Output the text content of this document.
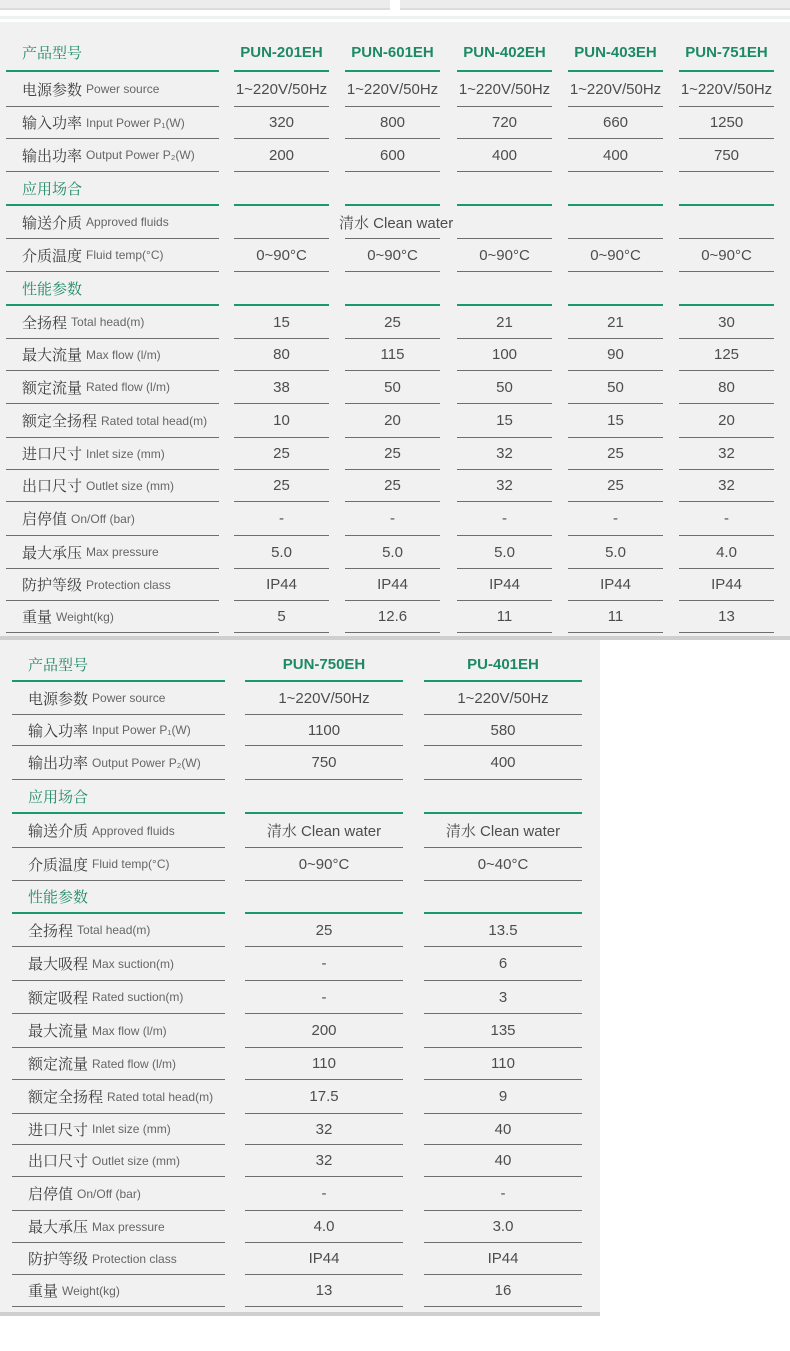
产品型号	PUN-201EH	PUN-601EH	PUN-402EH	PUN-403EH	PUN-751EH
电源参数 Power source	1~220V/50Hz 1~220V/50Hz 1~220V/50Hz 1~220V/50Hz 1~220V/50Hz
输入功率 Input Power P₁(W)	320	800	720	660	1250
输出功率 Output Power P₂(W)	200	600	400	400	750
应用场合
输送介质 Approved fluids	清水 Clean water
介质温度 Fluid temp(°C)	0~90°C	0~90°C	0~90°C	0~90°C	0~90°C
性能参数
全扬程 Total head(m)	15	25	21	21	30
最大流量 Max flow (l/m)	80	115	100	90	125
额定流量 Rated flow (l/m)	38	50	50	50	80
额定全扬程 Rated total head(m)	10	20	15	15	20
进口尺寸 Inlet size (mm)	25	25	32	25	32
出口尺寸 Outlet size (mm)	25	25	32	25	32
启停值 On/Off (bar)	-	-	-	-	-
最大承压 Max pressure	5.0	5.0	5.0	5.0	4.0
防护等级 Protection class	IP44	IP44	IP44	IP44	IP44
重量 Weight(kg)	5	12.6	11	11	13
产品型号	PUN-750EH	PU-401EH
电源参数 Power source	1~220V/50Hz	1~220V/50Hz
输入功率 Input Power P₁(W)	1100	580
输出功率 Output Power P₂(W)	750	400
应用场合
输送介质 Approved fluids	清水 Clean water	清水 Clean water
介质温度 Fluid temp(°C)	0~90°C	0~40°C
性能参数
全扬程 Total head(m)	25	13.5
最大吸程 Max suction(m)	-	6
额定吸程 Rated suction(m)	-	3
最大流量 Max flow (l/m)	200	135
额定流量 Rated flow (l/m)	110	110
额定全扬程 Rated total head(m)	17.5	9
进口尺寸 Inlet size (mm)	32	40
出口尺寸 Outlet size (mm)	32	40
启停值 On/Off (bar)	-	-
最大承压 Max pressure	4.0	3.0
防护等级 Protection class	IP44	IP44
重量 Weight(kg)	13	16
